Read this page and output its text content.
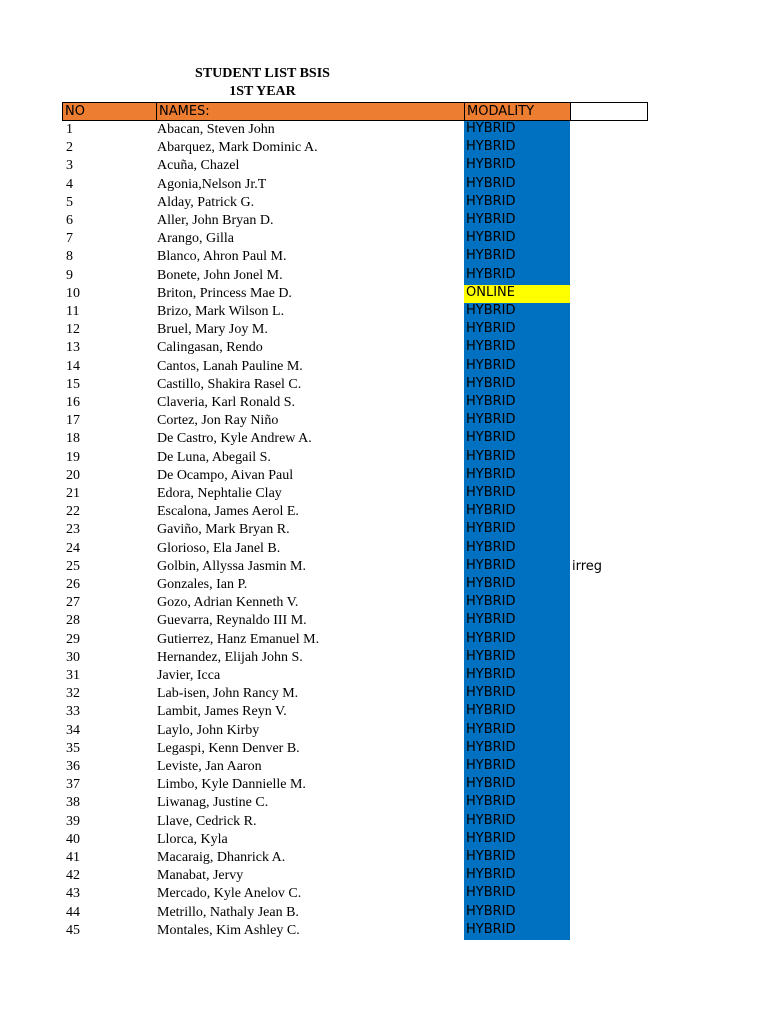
STUDENT LIST BSIS
1ST YEAR
NO	NAMES:	MODALITY
1	Abacan, Steven John	HYBRID
2	Abarquez, Mark Dominic A.	HYBRID
3	Acuña, Chazel	HYBRID
4	Agonia,Nelson Jr.T	HYBRID
5	Alday, Patrick G.	HYBRID
6	Aller, John Bryan D.	HYBRID
7	Arango, Gilla	HYBRID
8	Blanco, Ahron Paul M.	HYBRID
9	Bonete, John Jonel M.	HYBRID
10	Briton, Princess Mae D.	ONLINE
11	Brizo, Mark Wilson L.	HYBRID
12	Bruel, Mary Joy M.	HYBRID
13	Calingasan, Rendo	HYBRID
14	Cantos, Lanah Pauline M.	HYBRID
15	Castillo, Shakira Rasel C.	HYBRID
16	Claveria, Karl Ronald S.	HYBRID
17	Cortez, Jon Ray Niño	HYBRID
18	De Castro, Kyle Andrew A.	HYBRID
19	De Luna, Abegail S.	HYBRID
20	De Ocampo, Aivan Paul	HYBRID
21	Edora, Nephtalie Clay	HYBRID
22	Escalona, James Aerol E.	HYBRID
23	Gaviño, Mark Bryan R.	HYBRID
24	Glorioso, Ela Janel B.	HYBRID
25	Golbin, Allyssa Jasmin M.	HYBRID	irreg
26	Gonzales, Ian P.	HYBRID
27	Gozo, Adrian Kenneth V.	HYBRID
28	Guevarra, Reynaldo III M.	HYBRID
29	Gutierrez, Hanz Emanuel M.	HYBRID
30	Hernandez, Elijah John S.	HYBRID
31	Javier, Icca	HYBRID
32	Lab-isen, John Rancy M.	HYBRID
33	Lambit, James Reyn V.	HYBRID
34	Laylo, John Kirby	HYBRID
35	Legaspi, Kenn Denver B.	HYBRID
36	Leviste, Jan Aaron	HYBRID
37	Limbo, Kyle Dannielle M.	HYBRID
38	Liwanag, Justine C.	HYBRID
39	Llave, Cedrick R.	HYBRID
40	Llorca, Kyla	HYBRID
41	Macaraig, Dhanrick A.	HYBRID
42	Manabat, Jervy	HYBRID
43	Mercado, Kyle Anelov C.	HYBRID
44	Metrillo, Nathaly Jean B.	HYBRID
45	Montales, Kim Ashley C.	HYBRID
